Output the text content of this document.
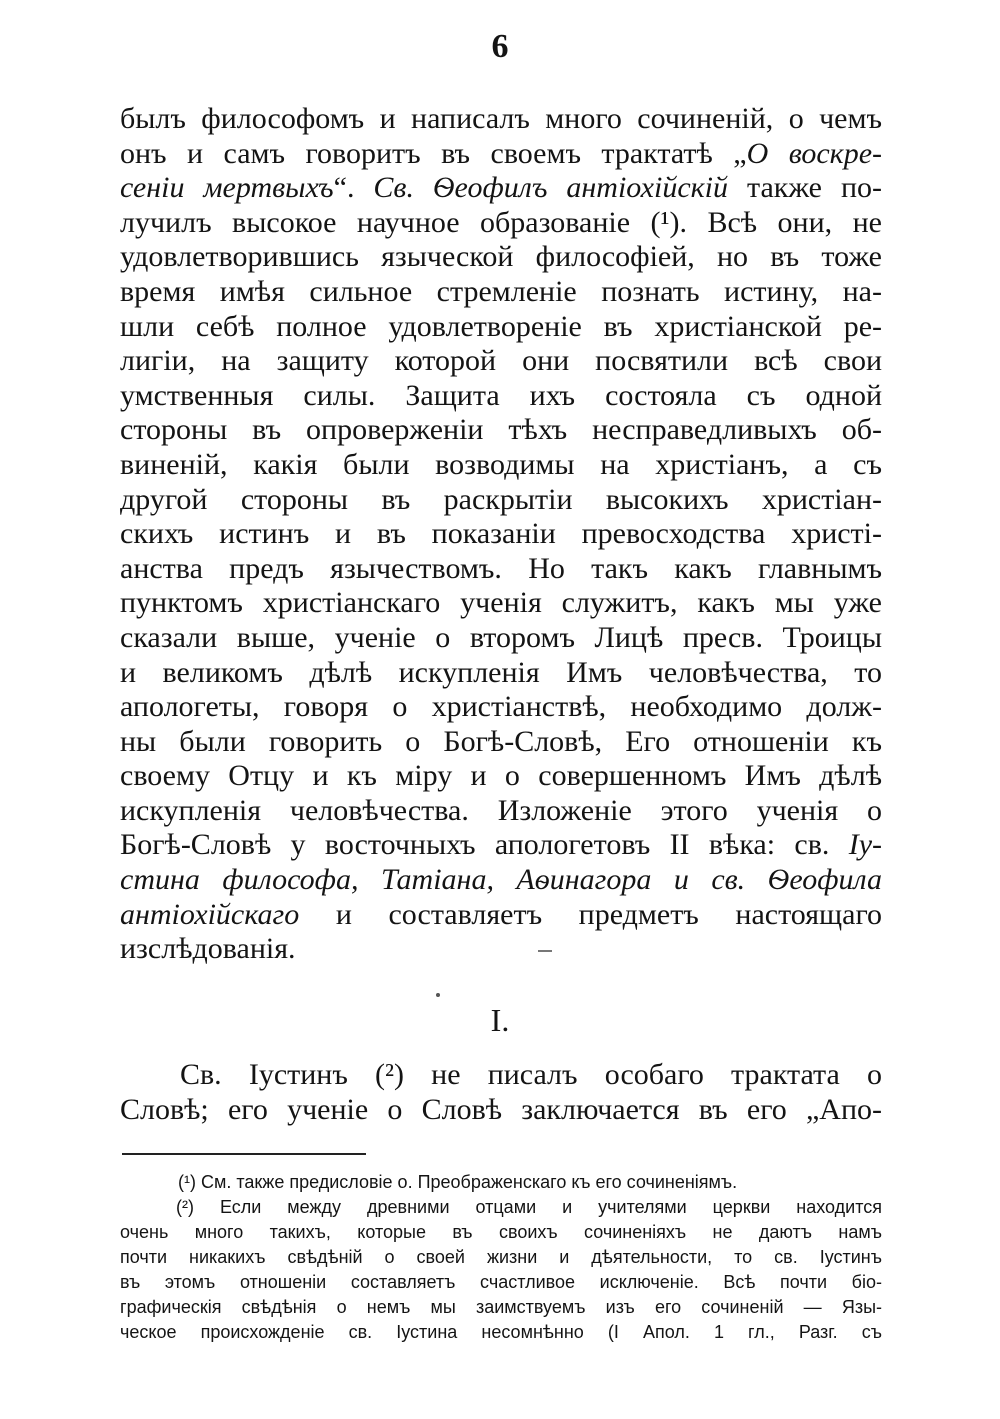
6
былъ философомъ и написалъ много сочиненій, о чемъ
онъ и самъ говоритъ въ своемъ трактатѣ „О воскре-
сеніи мертвыхъ“. Св. Ѳеофилъ антіохійскій также по-
лучилъ высокое научное образованіе (¹). Всѣ они, не
удовлетворившись языческой философіей, но въ тоже
время имѣя сильное стремленіе познать истину, на-
шли себѣ полное удовлетвореніе въ христіанской ре-
лигіи, на защиту которой они посвятили всѣ свои
умственныя силы. Защита ихъ состояла съ одной
стороны въ опроверженіи тѣхъ несправедливыхъ об-
виненій, какія были возводимы на христіанъ, а съ
другой стороны въ раскрытіи высокихъ христіан-
скихъ истинъ и въ показаніи превосходства христі-
анства предъ язычествомъ. Но такъ какъ главнымъ
пунктомъ христіанскаго ученія служитъ, какъ мы уже
сказали выше, ученіе о второмъ Лицѣ пресв. Троицы
и великомъ дѣлѣ искупленія Имъ человѣчества, то
апологеты, говоря о христіанствѣ, необходимо долж-
ны были говорить о Богѣ-Словѣ, Его отношеніи къ
своему Отцу и къ міру и о совершенномъ Имъ дѣлѣ
искупленія человѣчества. Изложеніе этого ученія о
Богѣ-Словѣ у восточныхъ апологетовъ II вѣка: св. Іу-
стина философа, Татіана, Аѳинагора и св. Ѳеофила
антіохійскаго и составляетъ предметъ настоящаго
изслѣдованія.
I.
Св. Іустинъ (²) не писалъ особаго трактата о
Словѣ; его ученіе о Словѣ заключается въ его „Апо-
(¹) См. также предисловіе о. Преображенскаго къ его сочиненіямъ.
(²) Если между древними отцами и учителями церкви находится
очень много такихъ, которые въ своихъ сочиненіяхъ не даютъ намъ
почти никакихъ свѣдѣній о своей жизни и дѣятельности, то св. Іустинъ
въ этомъ отношеніи составляетъ счастливое исключеніе. Всѣ почти біо-
графическія свѣдѣнія о немъ мы заимствуемъ изъ его сочиненій — Язы-
ческое происхожденіе св. Іустина несомнѣнно (I Апол. 1 гл., Разг. съ
